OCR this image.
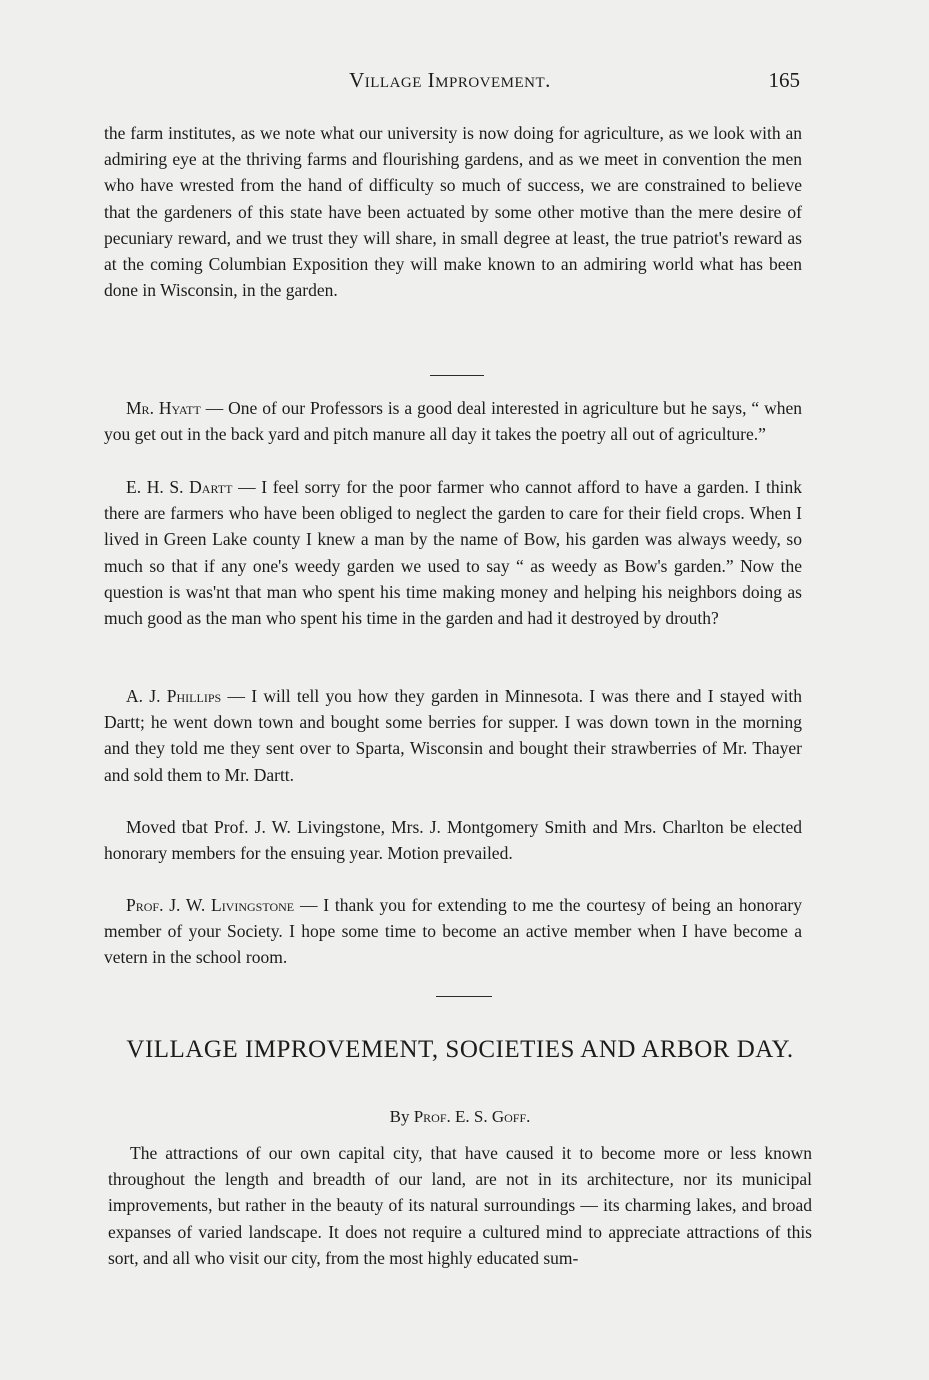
Village Improvement.	165

the farm institutes, as we note what our university is now doing for agriculture, as we look with an admiring eye at the thriving farms and flourishing gardens, and as we meet in convention the men who have wrested from the hand of difficulty so much of success, we are constrained to believe that the gardeners of this state have been actuated by some other motive than the mere desire of pecuniary reward, and we trust they will share, in small degree at least, the true patriot's reward as at the coming Columbian Exposition they will make known to an admiring world what has been done in Wisconsin, in the garden.

Mr. Hyatt — One of our Professors is a good deal interested in agriculture but he says, “ when you get out in the back yard and pitch manure all day it takes the poetry all out of agriculture.”

E. H. S. Dartt — I feel sorry for the poor farmer who cannot afford to have a garden. I think there are farmers who have been obliged to neglect the garden to care for their field crops. When I lived in Green Lake county I knew a man by the name of Bow, his garden was always weedy, so much so that if any one's weedy garden we used to say “ as weedy as Bow's garden.” Now the question is was'nt that man who spent his time making money and helping his neighbors doing as much good as the man who spent his time in the garden and had it destroyed by drouth?

A. J. Phillips — I will tell you how they garden in Minnesota. I was there and I stayed with Dartt; he went down town and bought some berries for supper. I was down town in the morning and they told me they sent over to Sparta, Wisconsin and bought their strawberries of Mr. Thayer and sold them to Mr. Dartt.

Moved tbat Prof. J. W. Livingstone, Mrs. J. Montgomery Smith and Mrs. Charlton be elected honorary members for the ensuing year. Motion prevailed.

Prof. J. W. Livingstone — I thank you for extending to me the courtesy of being an honorary member of your Society. I hope some time to become an active member when I have become a vetern in the school room.

VILLAGE IMPROVEMENT, SOCIETIES AND ARBOR DAY.
By Prof. E. S. Goff.

The attractions of our own capital city, that have caused it to become more or less known throughout the length and breadth of our land, are not in its architecture, nor its municipal improvements, but rather in the beauty of its natural surroundings — its charming lakes, and broad expanses of varied landscape. It does not require a cultured mind to appreciate attractions of this sort, and all who visit our city, from the most highly educated sum-
